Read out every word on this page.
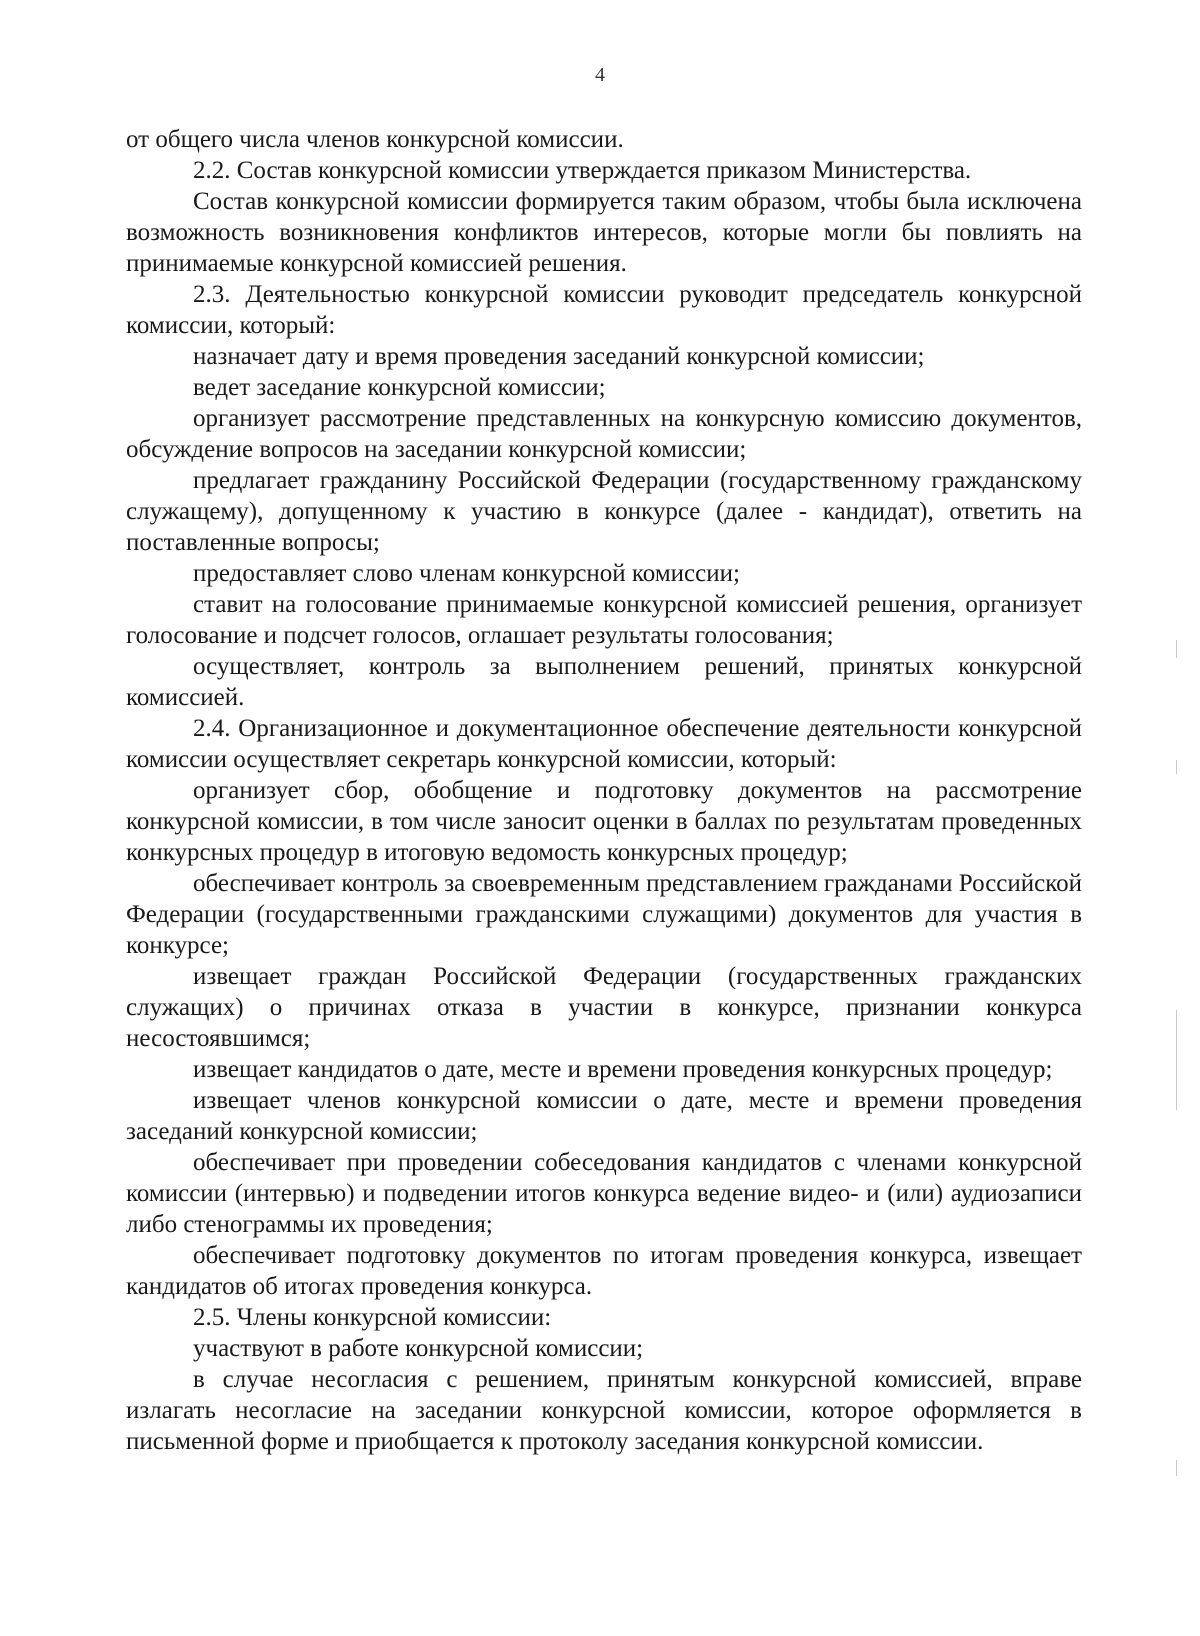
4

от общего числа членов конкурсной комиссии.

2.2. Состав конкурсной комиссии утверждается приказом Министерства.

Состав конкурсной комиссии формируется таким образом, чтобы была исключена возможность возникновения конфликтов интересов, которые могли бы повлиять на принимаемые конкурсной комиссией решения.

2.3. Деятельностью конкурсной комиссии руководит председатель конкурсной комиссии, который:

назначает дату и время проведения заседаний конкурсной комиссии;

ведет заседание конкурсной комиссии;

организует рассмотрение представленных на конкурсную комиссию документов, обсуждение вопросов на заседании конкурсной комиссии;

предлагает гражданину Российской Федерации (государственному гражданскому служащему), допущенному к участию в конкурсе (далее - кандидат), ответить на поставленные вопросы;

предоставляет слово членам конкурсной комиссии;

ставит на голосование принимаемые конкурсной комиссией решения, организует голосование и подсчет голосов, оглашает результаты голосования;

осуществляет, контроль за выполнением решений, принятых конкурсной комиссией.

2.4. Организационное и документационное обеспечение деятельности конкурсной комиссии осуществляет секретарь конкурсной комиссии, который:

организует сбор, обобщение и подготовку документов на рассмотрение конкурсной комиссии, в том числе заносит оценки в баллах по результатам проведенных конкурсных процедур в итоговую ведомость конкурсных процедур;

обеспечивает контроль за своевременным представлением гражданами Российской Федерации (государственными гражданскими служащими) документов для участия в конкурсе;

извещает граждан Российской Федерации (государственных гражданских служащих) о причинах отказа в участии в конкурсе, признании конкурса несостоявшимся;

извещает кандидатов о дате, месте и времени проведения конкурсных процедур;

извещает членов конкурсной комиссии о дате, месте и времени проведения заседаний конкурсной комиссии;

обеспечивает при проведении собеседования кандидатов с членами конкурсной комиссии (интервью) и подведении итогов конкурса ведение видео- и (или) аудиозаписи либо стенограммы их проведения;

обеспечивает подготовку документов по итогам проведения конкурса, извещает кандидатов об итогах проведения конкурса.

2.5. Члены конкурсной комиссии:

участвуют в работе конкурсной комиссии;

в случае несогласия с решением, принятым конкурсной комиссией, вправе излагать несогласие на заседании конкурсной комиссии, которое оформляется в письменной форме и приобщается к протоколу заседания конкурсной комиссии.
